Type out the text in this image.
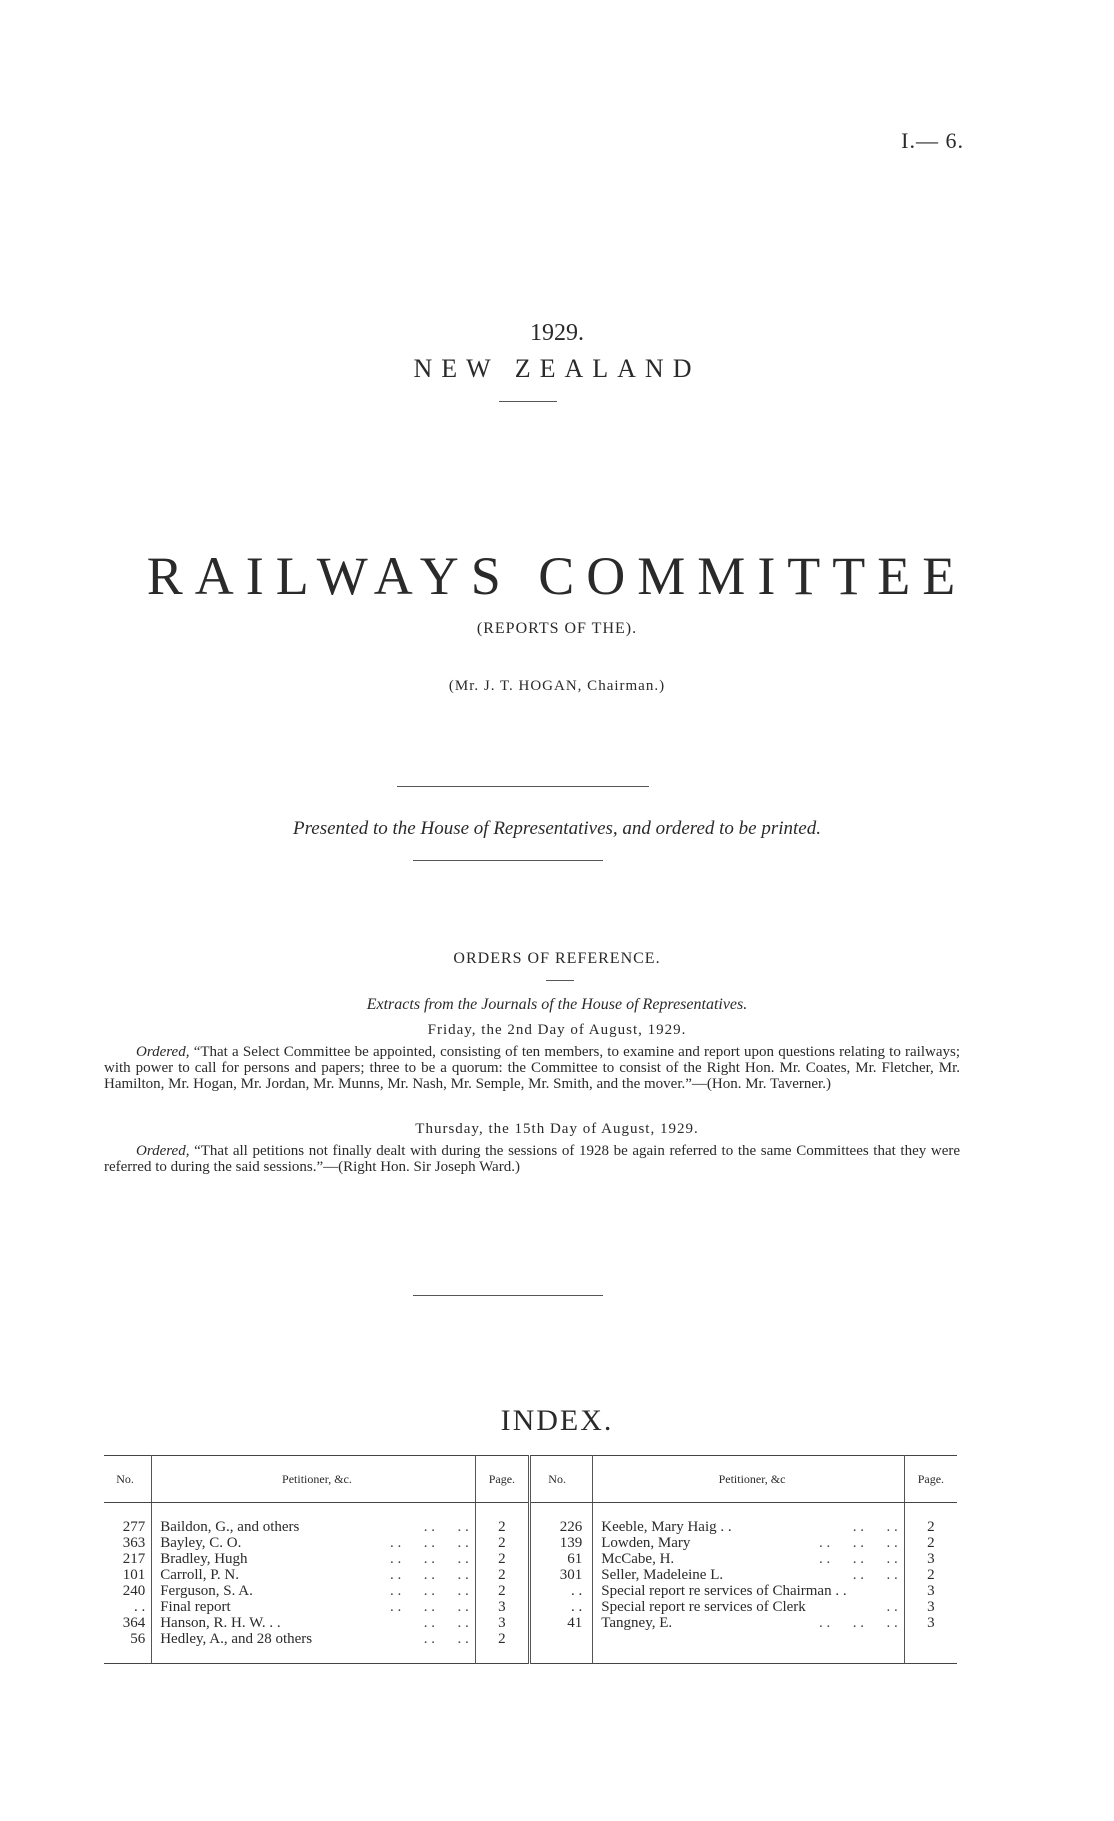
I.— 6.
1929.
NEW ZEALAND
RAILWAYS COMMITTEE
(REPORTS OF THE).
(Mr. J. T. HOGAN, Chairman.)
Presented to the House of Representatives, and ordered to be printed.
ORDERS OF REFERENCE.
Extracts from the Journals of the House of Representatives.
Friday, the 2nd Day of August, 1929.
Ordered, “That a Select Committee be appointed, consisting of ten members, to examine and report upon questions relating to railways; with power to call for persons and papers; three to be a quorum: the Committee to consist of the Right Hon. Mr. Coates, Mr. Fletcher, Mr. Hamilton, Mr. Hogan, Mr. Jordan, Mr. Munns, Mr. Nash, Mr. Semple, Mr. Smith, and the mover.”—(Hon. Mr. Taverner.)
Thursday, the 15th Day of August, 1929.
Ordered, “That all petitions not finally dealt with during the sessions of 1928 be again referred to the same Committees that they were referred to during the said sessions.”—(Right Hon. Sir Joseph Ward.)
INDEX.
No.	Petitioner, &c.	Page.	No.	Petitioner, &c	Page.

277	Baildon, G., and others . .      . .	2	226	Keeble, Mary Haig . . . .      . .	2
363	Bayley, C. O. . .      . .      . .	2	139	Lowden, Mary . .      . .      . .	2
217	Bradley, Hugh . .      . .      . .	2	61	McCabe, H. . .      . .      . .	3
101	Carroll, P. N. . .      . .      . .	2	301	Seller, Madeleine L. . .      . .	2
240	Ferguson, S. A. . .      . .      . .	2	. .	Special report re services of Chairman . .	3
. .	Final report . .      . .      . .	3	. .	Special report re services of Clerk . .	3
364	Hanson, R. H. W. . . . .      . .	3	41	Tangney, E. . .      . .      . .	3
56	Hedley, A., and 28 others . .      . .	2		
